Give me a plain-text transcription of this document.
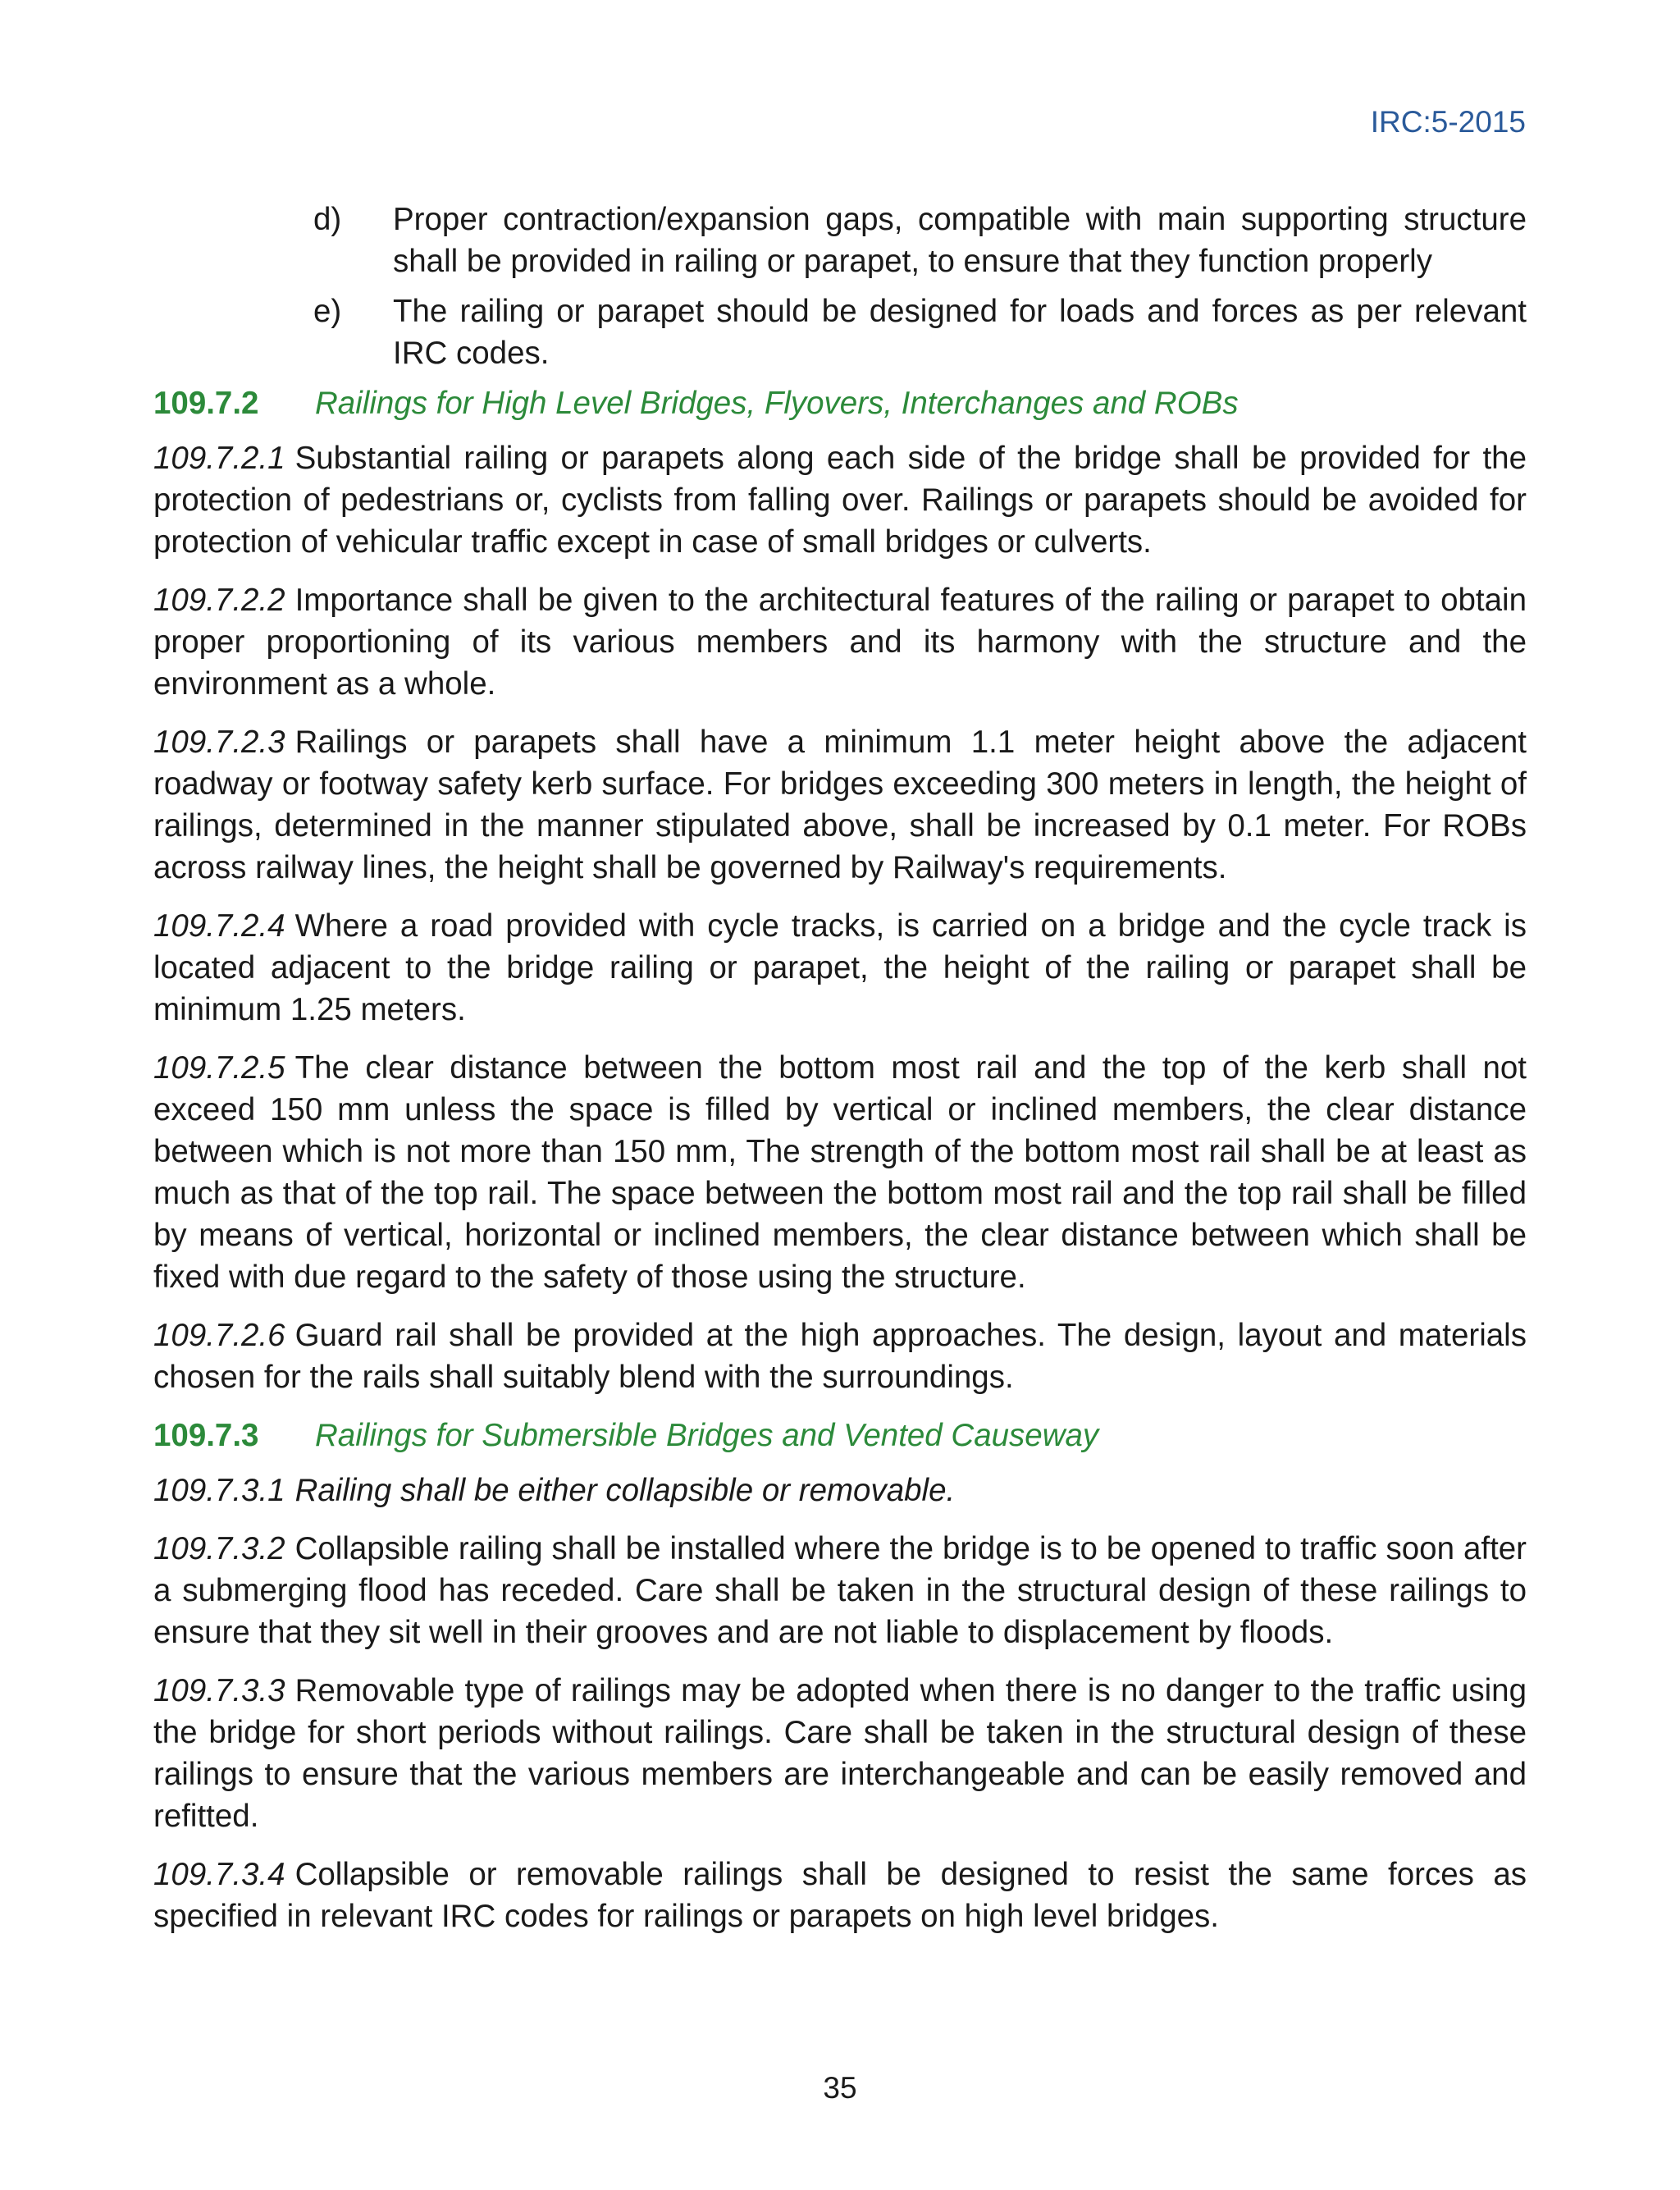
IRC:5-2015
d)	Proper contraction/expansion gaps, compatible with main supporting structure shall be provided in railing or parapet, to ensure that they function properly
e)	The railing or parapet should be designed for loads and forces as per relevant IRC codes.
109.7.2	Railings for High Level Bridges, Flyovers, Interchanges and ROBs
109.7.2.1 Substantial railing or parapets along each side of the bridge shall be provided for the protection of pedestrians or, cyclists from falling over. Railings or parapets should be avoided for protection of vehicular traffic except in case of small bridges or culverts.
109.7.2.2 Importance shall be given to the architectural features of the railing or parapet to obtain proper proportioning of its various members and its harmony with the structure and the environment as a whole.
109.7.2.3 Railings or parapets shall have a minimum 1.1 meter height above the adjacent roadway or footway safety kerb surface. For bridges exceeding 300 meters in length, the height of railings, determined in the manner stipulated above, shall be increased by 0.1 meter. For ROBs across railway lines, the height shall be governed by Railway's requirements.
109.7.2.4 Where a road provided with cycle tracks, is carried on a bridge and the cycle track is located adjacent to the bridge railing or parapet, the height of the railing or parapet shall be minimum 1.25 meters.
109.7.2.5 The clear distance between the bottom most rail and the top of the kerb shall not exceed 150 mm unless the space is filled by vertical or inclined members, the clear distance between which is not more than 150 mm, The strength of the bottom most rail shall be at least as much as that of the top rail. The space between the bottom most rail and the top rail shall be filled by means of vertical, horizontal or inclined members, the clear distance between which shall be fixed with due regard to the safety of those using the structure.
109.7.2.6 Guard rail shall be provided at the high approaches. The design, layout and materials chosen for the rails shall suitably blend with the surroundings.
109.7.3	Railings for Submersible Bridges and Vented Causeway
109.7.3.1 Railing shall be either collapsible or removable.
109.7.3.2 Collapsible railing shall be installed where the bridge is to be opened to traffic soon after a submerging flood has receded. Care shall be taken in the structural design of these railings to ensure that they sit well in their grooves and are not liable to displacement by floods.
109.7.3.3 Removable type of railings may be adopted when there is no danger to the traffic using the bridge for short periods without railings. Care shall be taken in the structural design of these railings to ensure that the various members are interchangeable and can be easily removed and refitted.
109.7.3.4 Collapsible or removable railings shall be designed to resist the same forces as specified in relevant IRC codes for railings or parapets on high level bridges.
35
